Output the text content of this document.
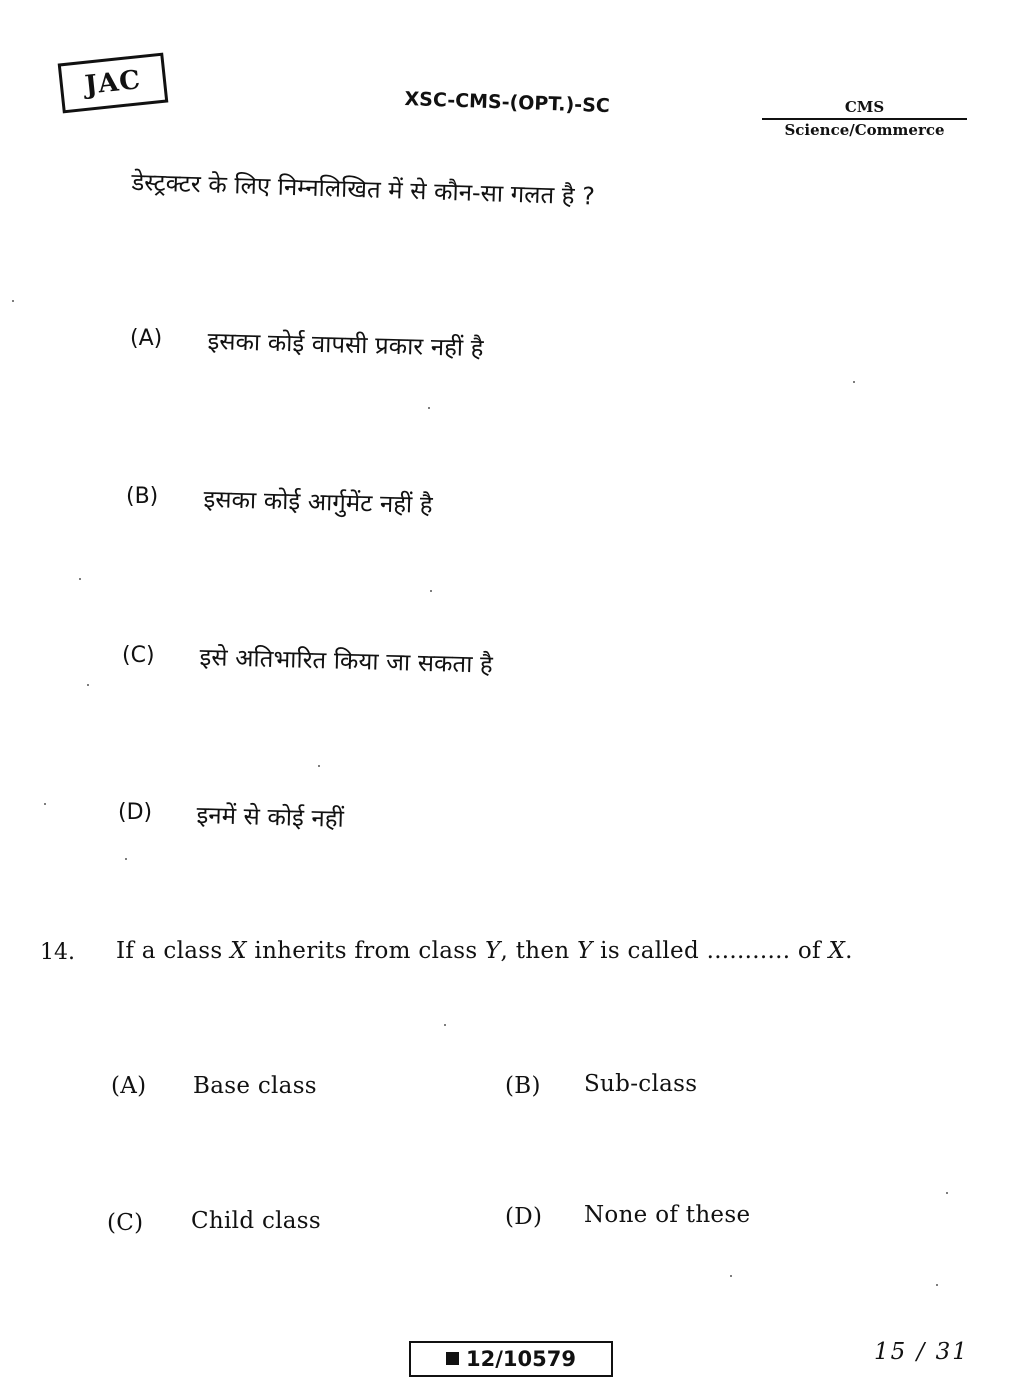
JAC
XSC-CMS-(OPT.)-SC	CMS
Science/Commerce
डेस्ट्रक्टर के लिए निम्नलिखित में से कौन-सा गलत है ?
(A) इसका कोई वापसी प्रकार नहीं है
(B) इसका कोई आर्गुमेंट नहीं है
(C) इसे अतिभारित किया जा सकता है
(D) इनमें से कोई नहीं
14. If a class X inherits from class Y, then Y is called ........... of X.
(A) Base class	(B) Sub-class
(C) Child class	(D) None of these
12/10579	15 / 31
